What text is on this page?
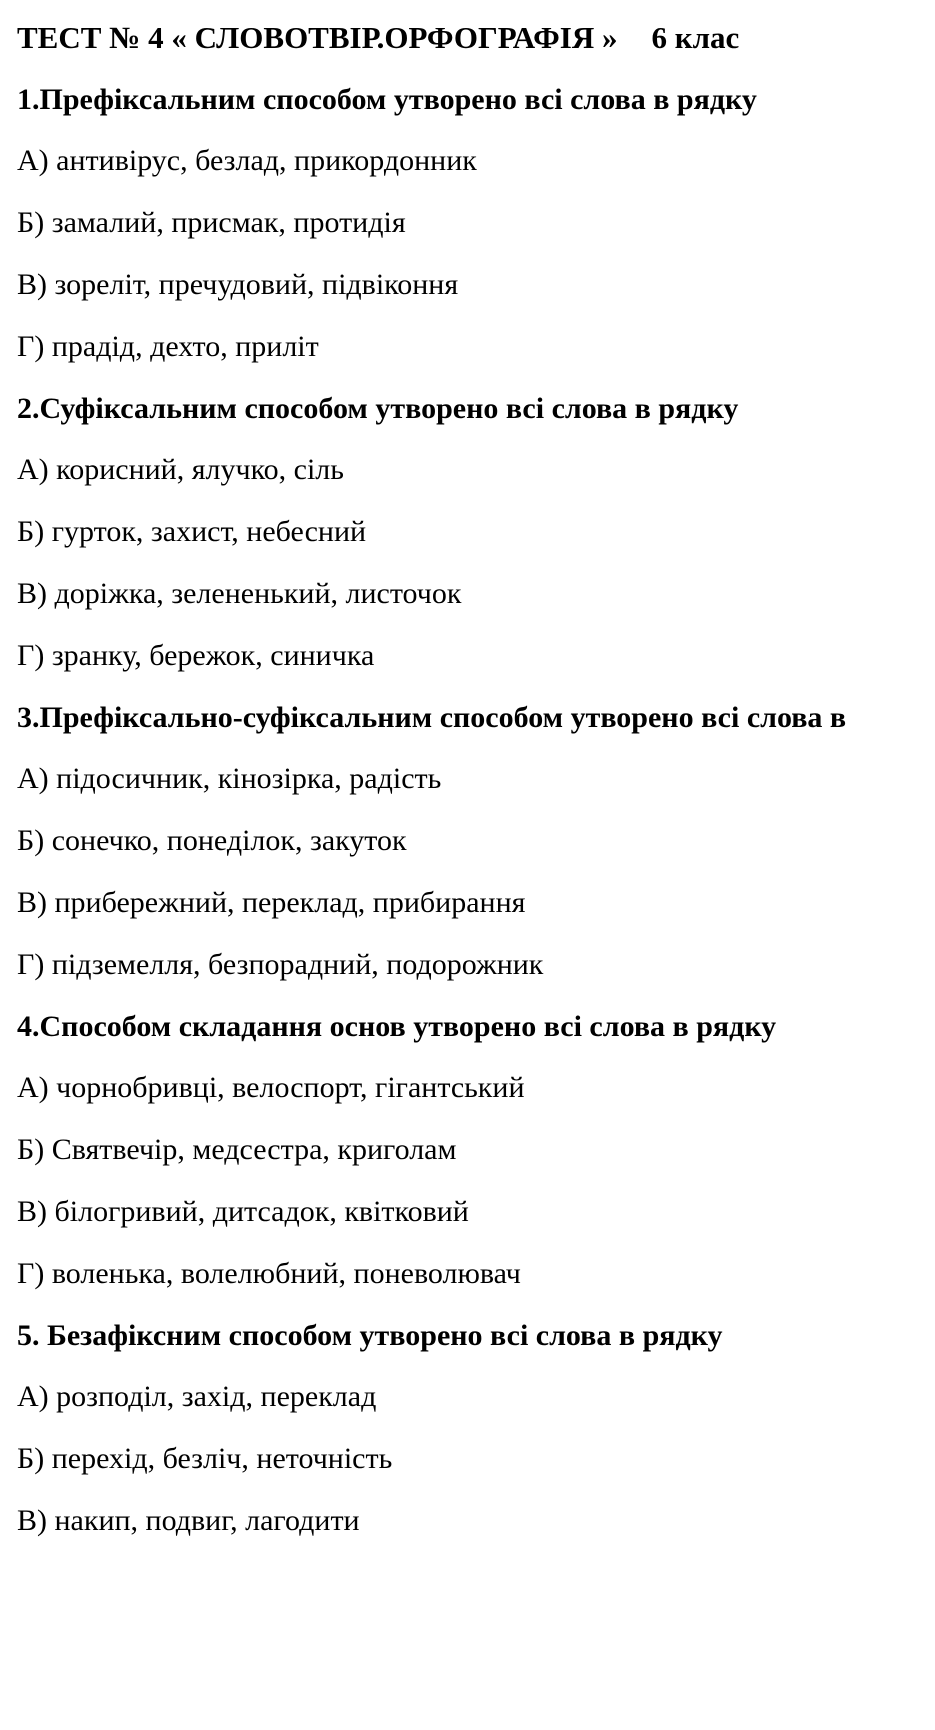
ТЕСТ № 4 « СЛОВОТВІР.ОРФОГРАФІЯ » 6 клас
1.Префіксальним способом утворено всі слова в рядку
А) антивірус, безлад, прикордонник
Б) замалий, присмак, протидія
В) зореліт, пречудовий, підвіконня
Г) прадід, дехто, приліт
2.Суфіксальним способом утворено всі слова в рядку
А) корисний, ялучко, сіль
Б) гурток, захист, небесний
В) доріжка, зелененький, листочок
Г) зранку, бережок, синичка
3.Префіксально-суфіксальним способом утворено всі слова в
А) підосичник, кінозірка, радість
Б) сонечко, понеділок, закуток
В) прибережний, переклад, прибирання
Г) підземелля, безпорадний, подорожник
4.Способом складання основ утворено всі слова в рядку
А) чорнобривці, велоспорт, гігантський
Б) Святвечір, медсестра, криголам
В) білогривий, дитсадок, квітковий
Г) воленька, волелюбний, поневолювач
5. Безафіксним способом утворено всі слова в рядку
А) розподіл, захід, переклад
Б) перехід, безліч, неточність
В) накип, подвиг, лагодити
